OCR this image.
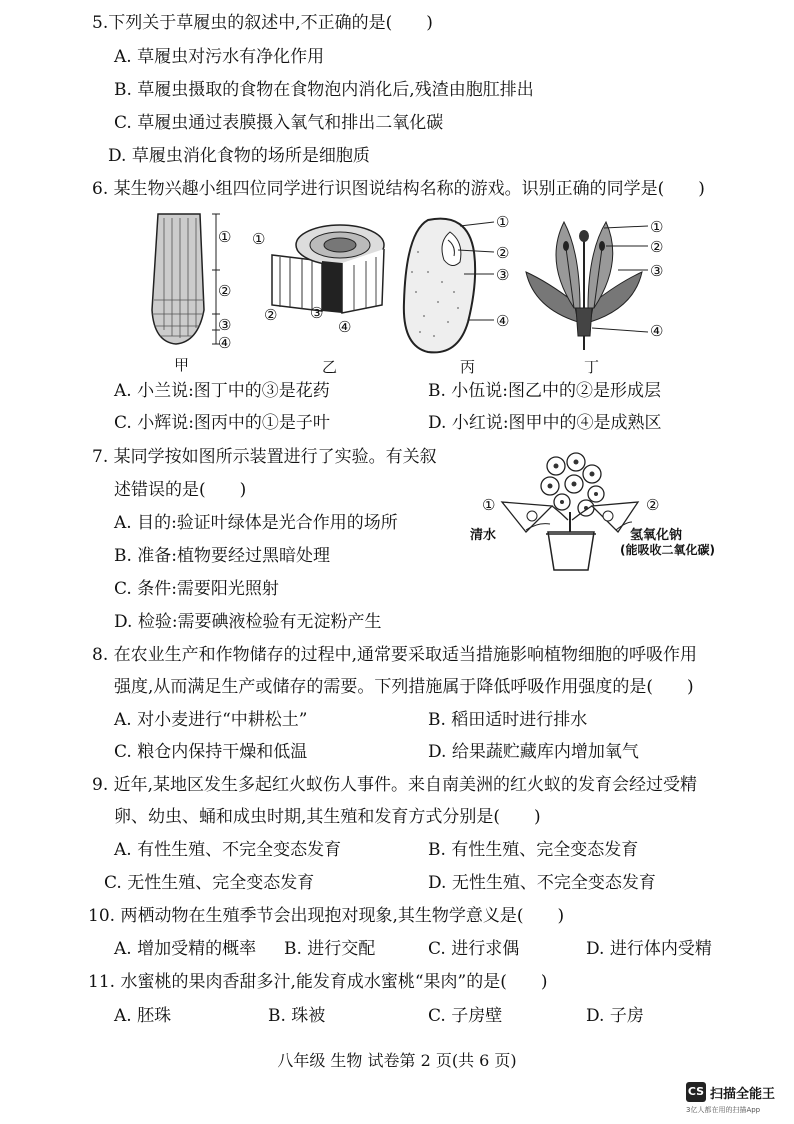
5.下列关于草履虫的叙述中,不正确的是(　　)
A. 草履虫对污水有净化作用
B. 草履虫摄取的食物在食物泡内消化后,残渣由胞肛排出
C. 草履虫通过表膜摄入氧气和排出二氧化碳
D. 草履虫消化食物的场所是细胞质
6. 某生物兴趣小组四位同学进行识图说结构名称的游戏。识别正确的同学是(　　)
①
②
③
④
甲
①
② ③
④
乙
①
②
③
④
丙
①
②
③
④
丁
A. 小兰说:图丁中的③是花药	B. 小伍说:图乙中的②是形成层
C. 小辉说:图丙中的①是子叶	D. 小红说:图甲中的④是成熟区
7. 某同学按如图所示装置进行了实验。有关叙
述错误的是(　　)
A. 目的:验证叶绿体是光合作用的场所
B. 准备:植物要经过黑暗处理
C. 条件:需要阳光照射
D. 检验:需要碘液检验有无淀粉产生
①	②
清水	氢氧化钠
(能吸收二氧化碳)
8. 在农业生产和作物储存的过程中,通常要采取适当措施影响植物细胞的呼吸作用
强度,从而满足生产或储存的需要。下列措施属于降低呼吸作用强度的是(　　)
A. 对小麦进行“中耕松土”	B. 稻田适时进行排水
C. 粮仓内保持干燥和低温	D. 给果蔬贮藏库内增加氧气
9. 近年,某地区发生多起红火蚁伤人事件。来自南美洲的红火蚁的发育会经过受精
卵、幼虫、蛹和成虫时期,其生殖和发育方式分别是(　　)
A. 有性生殖、不完全变态发育	B. 有性生殖、完全变态发育
C. 无性生殖、完全变态发育	D. 无性生殖、不完全变态发育
10. 两栖动物在生殖季节会出现抱对现象,其生物学意义是(　　)
A. 增加受精的概率 B. 进行交配	C. 进行求偶	D. 进行体内受精
11. 水蜜桃的果肉香甜多汁,能发育成水蜜桃“果肉”的是(　　)
A. 胚珠	B. 珠被	C. 子房壁	D. 子房
八年级 生物 试卷第 2 页(共 6 页)
CS 扫描全能王
3亿人都在用的扫描App
